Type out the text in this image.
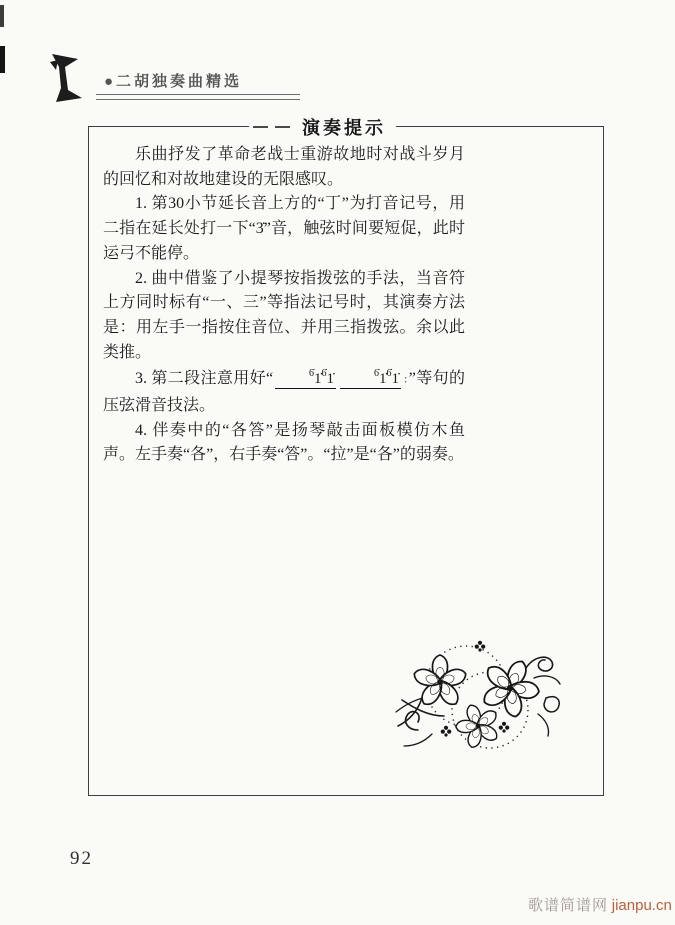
●二胡独奏曲精选
演奏提示

乐曲抒发了革命老战士重游故地时对战斗岁月的回忆和对故地建设的无限感叹。

1. 第30小节延长音上方的“丁”为打音记号，用二指在延长处打一下“3̇”音，触弦时间要短促，此时运弓不能停。

2. 曲中借鉴了小提琴按指拨弦的手法，当音符上方同时标有“一、三”等指法记号时，其演奏方法是：用左手一指按住音位、并用三指拨弦。余以此类推。

3. 第二段注意用好“	$^{6̇}$1̇$^{6̇}$1̇	$^{6̇}$1̇$^{6̇}$1̇ ：”等句的压弦滑音技法。

4. 伴奏中的“各答”是扬琴敲击面板模仿木鱼声。左手奏“各”，右手奏“答”。“拉”是“各”的弱奏。

92
歌谱简谱网 jianpu.cn
